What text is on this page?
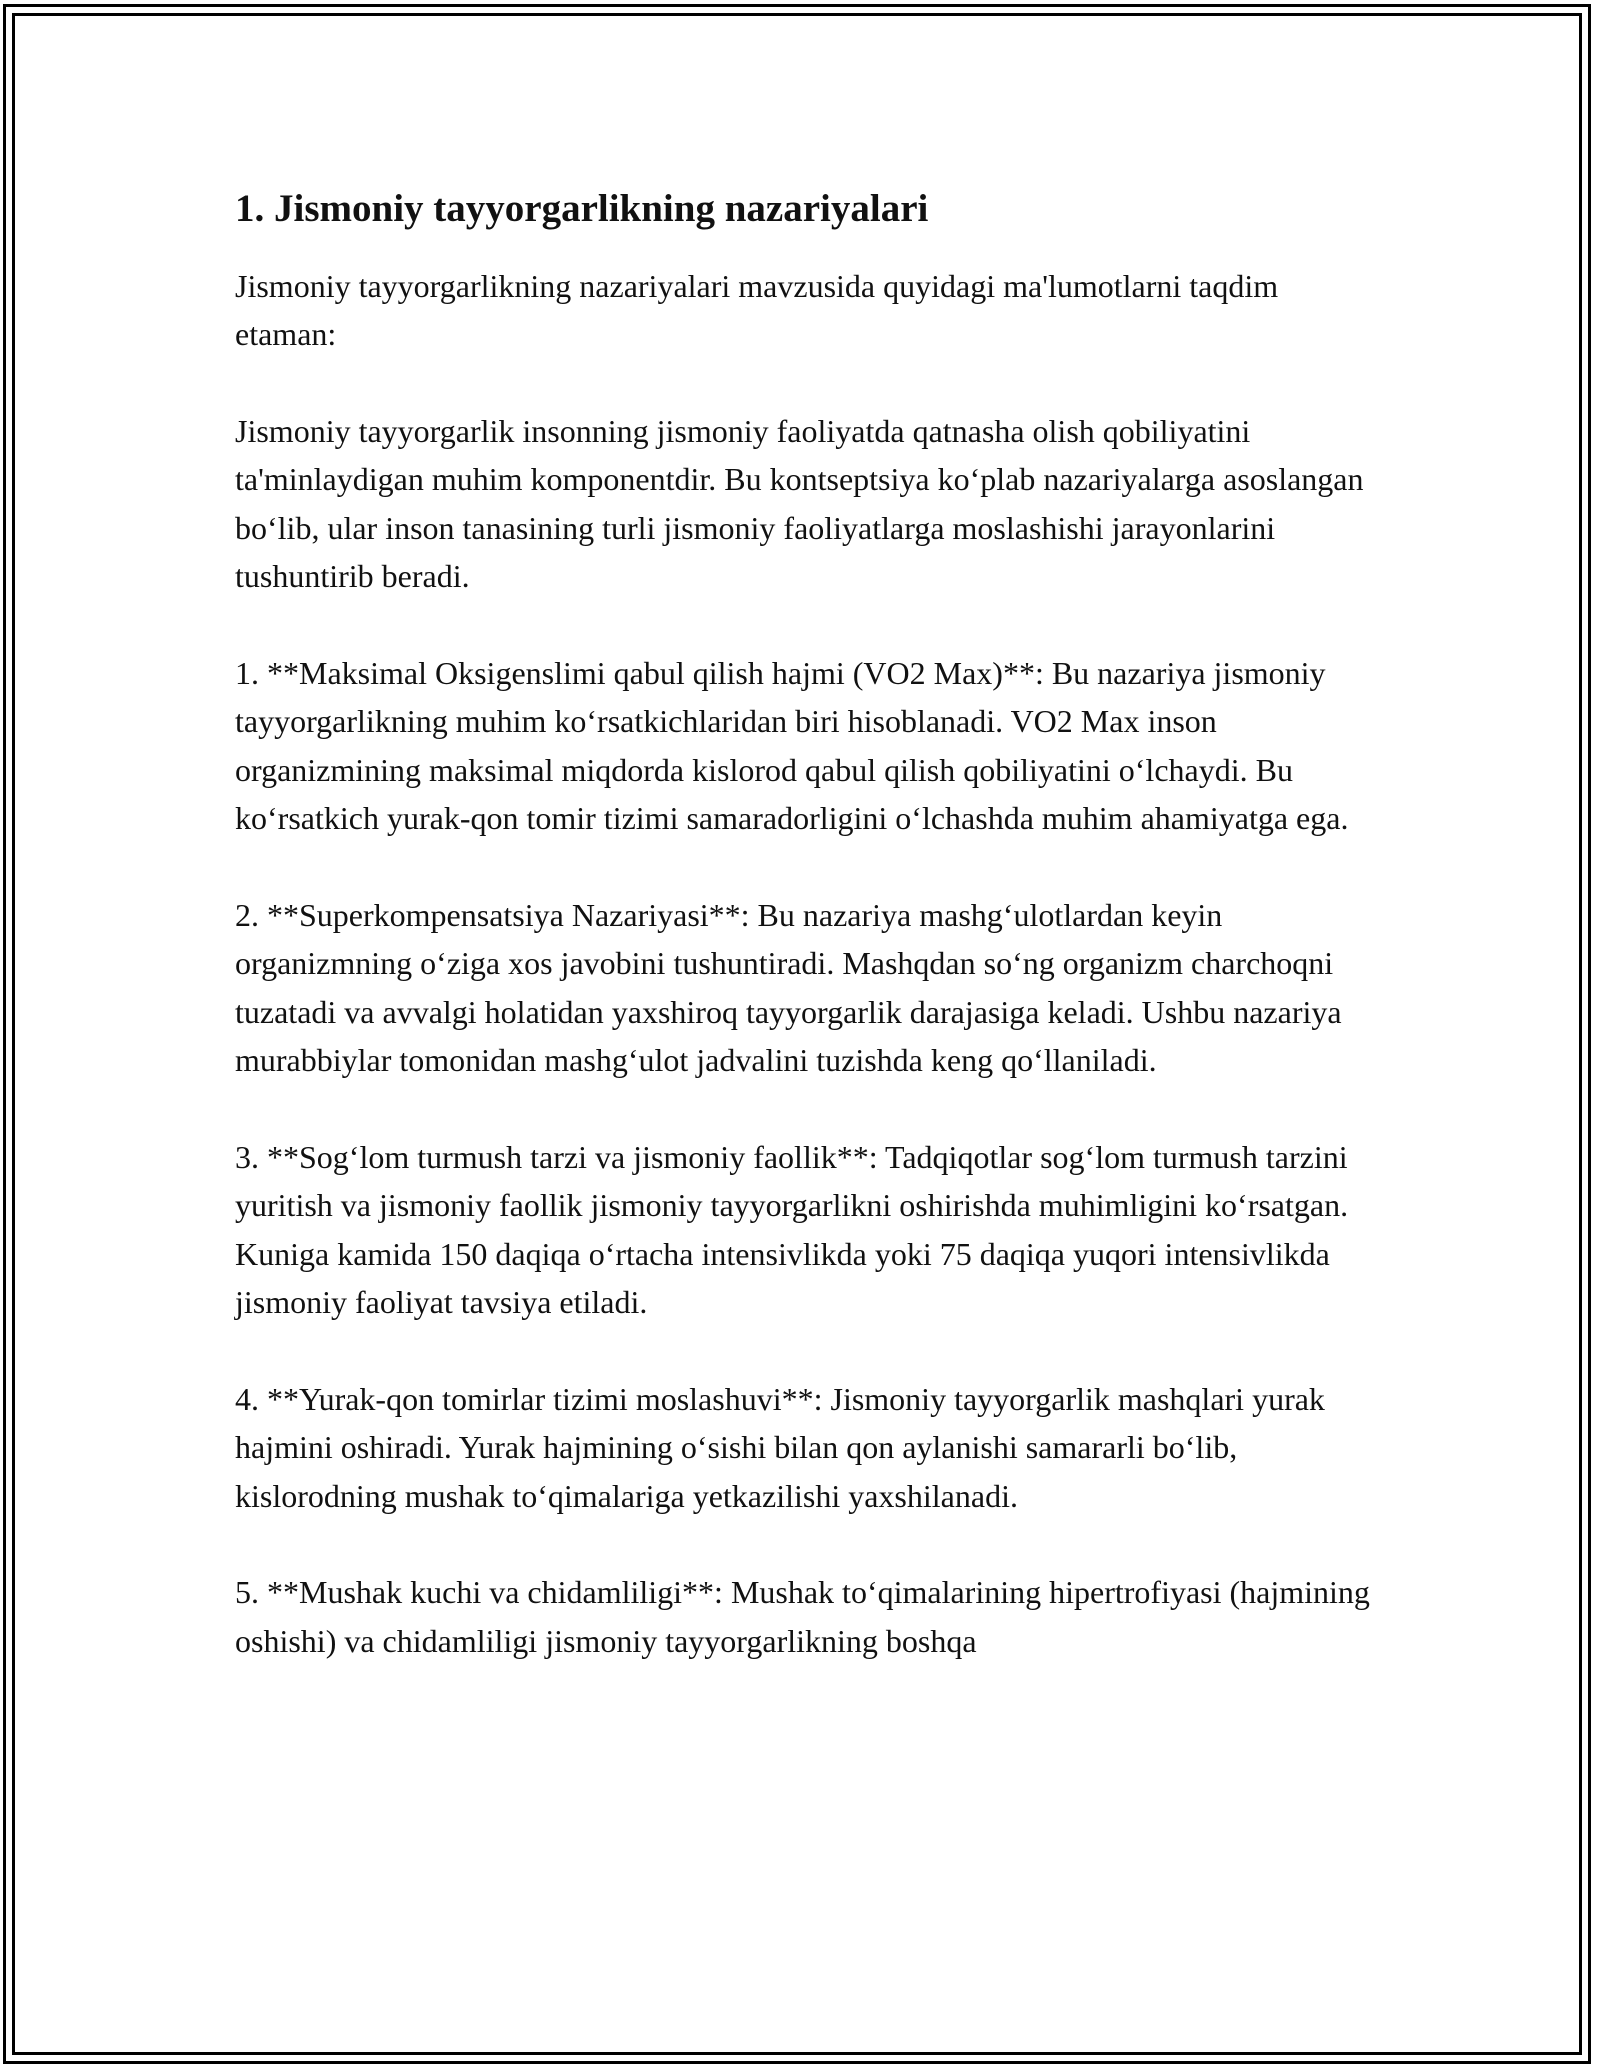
1. Jismoniy tayyorgarlikning nazariyalari

Jismoniy tayyorgarlikning nazariyalari mavzusida quyidagi ma'lumotlarni taqdim etaman:

Jismoniy tayyorgarlik insonning jismoniy faoliyatda qatnasha olish qobiliyatini ta'minlaydigan muhim komponentdir. Bu kontseptsiya koʻplab nazariyalarga asoslangan boʻlib, ular inson tanasining turli jismoniy faoliyatlarga moslashishi jarayonlarini tushuntirib beradi.

1. **Maksimal Oksigenslimi qabul qilish hajmi (VO2 Max)**: Bu nazariya jismoniy tayyorgarlikning muhim koʻrsatkichlaridan biri hisoblanadi. VO2 Max inson organizmining maksimal miqdorda kislorod qabul qilish qobiliyatini oʻlchaydi. Bu koʻrsatkich yurak-qon tomir tizimi samaradorligini oʻlchashda muhim ahamiyatga ega.

2. **Superkompensatsiya Nazariyasi**: Bu nazariya mashgʻulotlardan keyin organizmning oʻziga xos javobini tushuntiradi. Mashqdan soʻng organizm charchoqni tuzatadi va avvalgi holatidan yaxshiroq tayyorgarlik darajasiga keladi. Ushbu nazariya murabbiylar tomonidan mashgʻulot jadvalini tuzishda keng qoʻllaniladi.

3. **Sogʻlom turmush tarzi va jismoniy faollik**: Tadqiqotlar sogʻlom turmush tarzini yuritish va jismoniy faollik jismoniy tayyorgarlikni oshirishda muhimligini koʻrsatgan. Kuniga kamida 150 daqiqa oʻrtacha intensivlikda yoki 75 daqiqa yuqori intensivlikda jismoniy faoliyat tavsiya etiladi.

4. **Yurak-qon tomirlar tizimi moslashuvi**: Jismoniy tayyorgarlik mashqlari yurak hajmini oshiradi. Yurak hajmining oʻsishi bilan qon aylanishi samararli boʻlib, kislorodning mushak toʻqimalariga yetkazilishi yaxshilanadi.

5. **Mushak kuchi va chidamliligi**: Mushak toʻqimalarining hipertrofiyasi (hajmining oshishi) va chidamliligi jismoniy tayyorgarlikning boshqa
